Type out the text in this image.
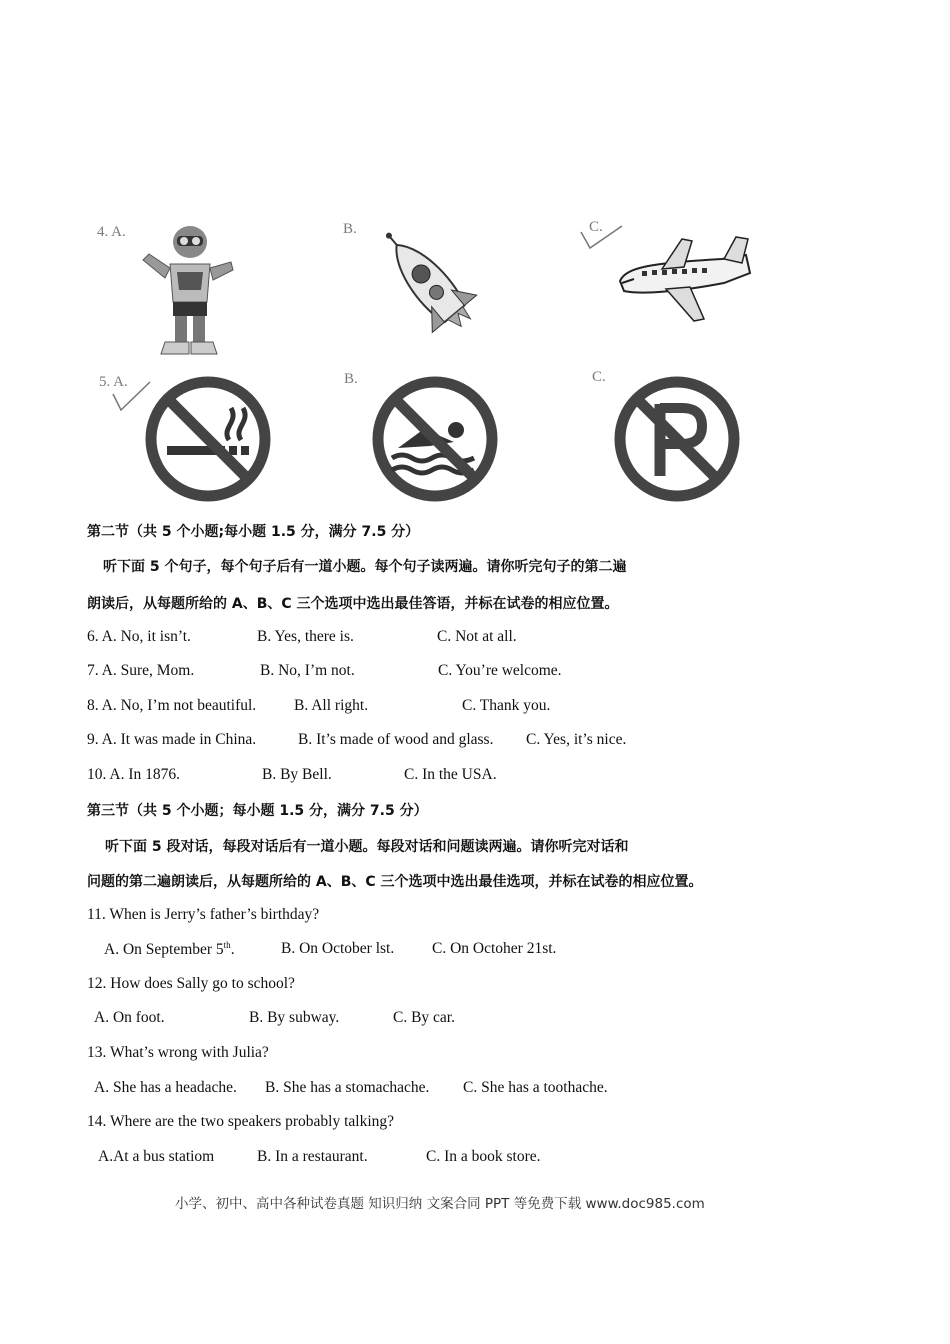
4. A.	B.	C.
5. A.	B.	C.
第二节（共 5 个小题;每小题 1.5 分，满分 7.5 分）
听下面 5 个句子，每个句子后有一道小题。每个句子读两遍。请你听完句子的第二遍
朗读后，从每题所给的 A、B、C 三个选项中选出最佳答语，并标在试卷的相应位置。
6. A. No, it isn’t.	B. Yes, there is.	C. Not at all.
7. A. Sure, Mom.	B. No, I’m not.	C. You’re welcome.
8. A. No, I’m not beautiful. B. All right.	C. Thank you.
9. A. It was made in China.	B. It’s made of wood and glass. C. Yes, it’s nice.
10. A. In 1876.	B. By Bell.	C. In the USA.
第三节（共 5 个小题；每小题 1.5 分，满分 7.5 分）
听下面 5 段对话，每段对话后有一道小题。每段对话和问题读两遍。请你听完对话和
问题的第二遍朗读后，从每题所给的 A、B、C 三个选项中选出最佳选项，并标在试卷的相应位置。
11. When is Jerry’s father’s birthday?
A. On September 5th.	B. On October lst. C. On Octoher 21st.
12. How does Sally go to school?
A. On foot.	B. By subway.	C. By car.
13. What’s wrong with Julia?
A. She has a headache. B. She has a stomachache. C. She has a toothache.
14. Where are the two speakers probably talking?
A.At a bus statiom	B. In a restaurant.	C. In a book store.
小学、初中、高中各种试卷真题 知识归纳 文案合同 PPT 等免费下载 www.doc985.com
